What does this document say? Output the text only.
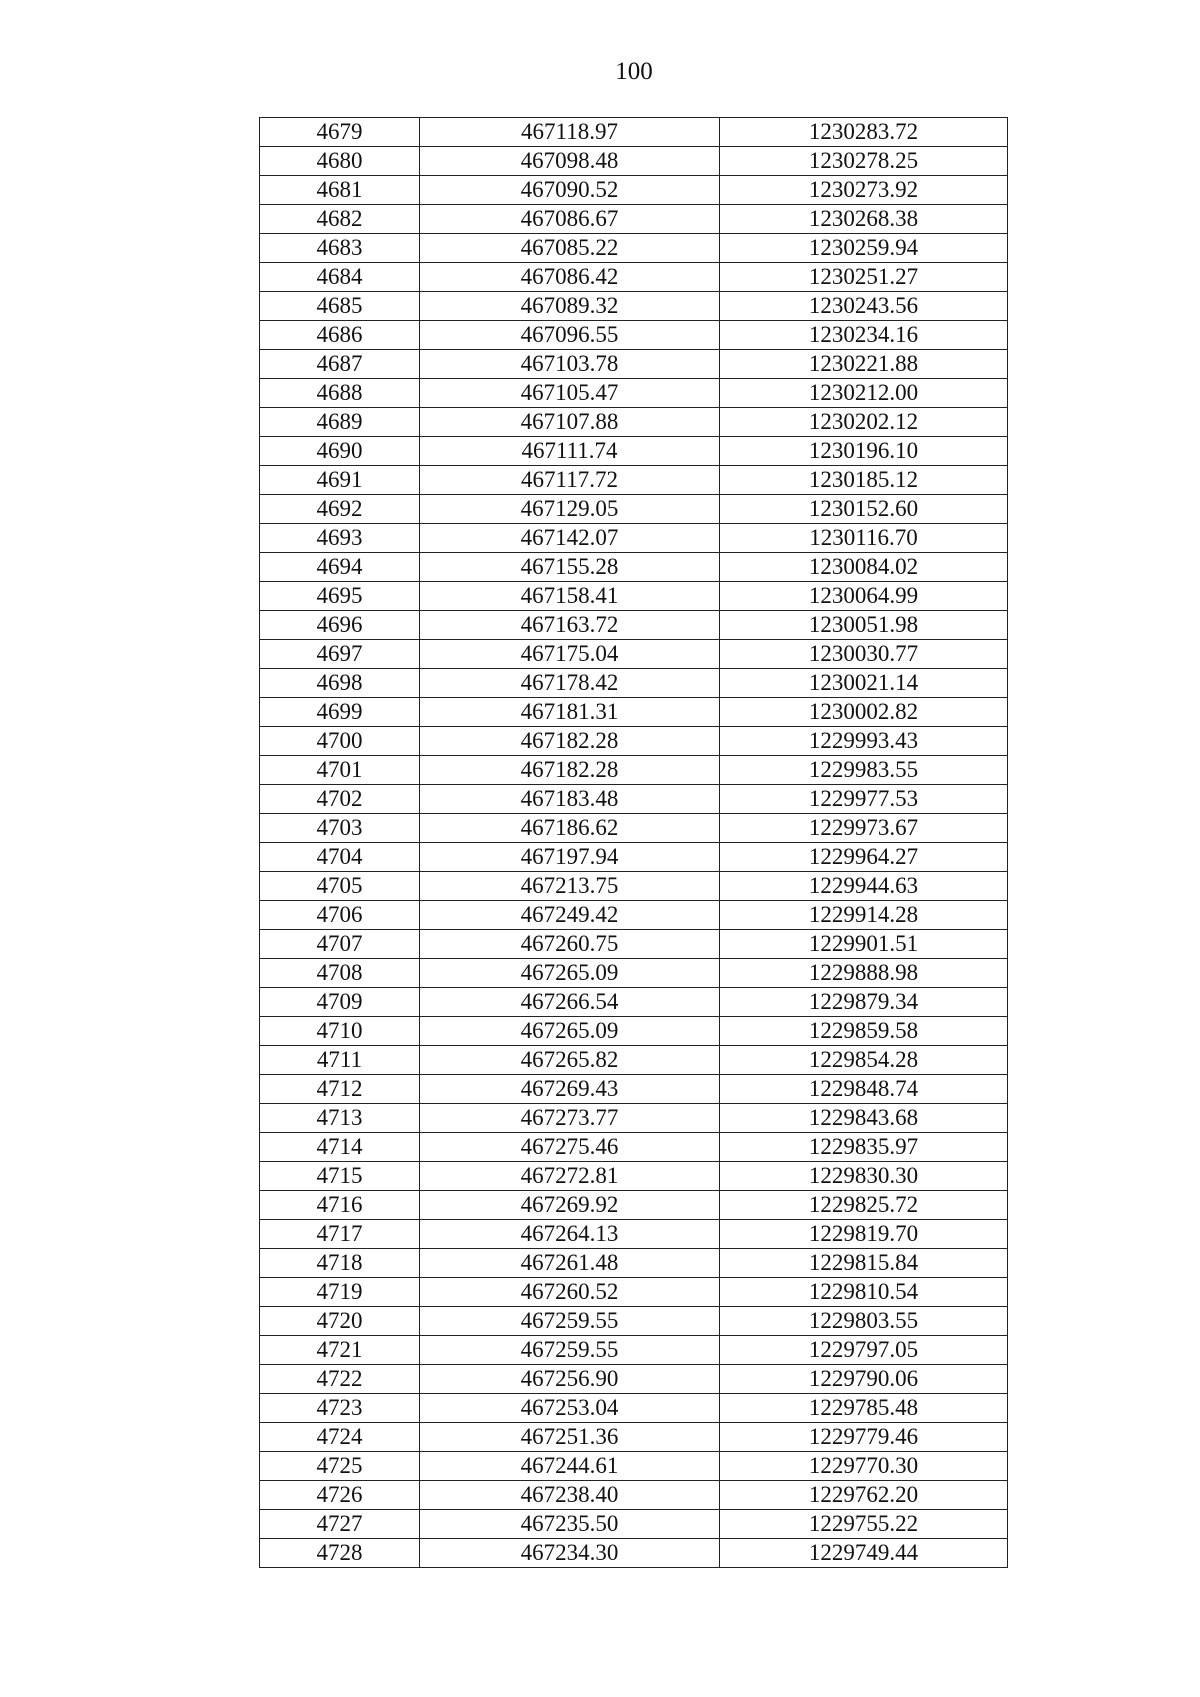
100
4679	467118.97	1230283.72
4680	467098.48	1230278.25
4681	467090.52	1230273.92
4682	467086.67	1230268.38
4683	467085.22	1230259.94
4684	467086.42	1230251.27
4685	467089.32	1230243.56
4686	467096.55	1230234.16
4687	467103.78	1230221.88
4688	467105.47	1230212.00
4689	467107.88	1230202.12
4690	467111.74	1230196.10
4691	467117.72	1230185.12
4692	467129.05	1230152.60
4693	467142.07	1230116.70
4694	467155.28	1230084.02
4695	467158.41	1230064.99
4696	467163.72	1230051.98
4697	467175.04	1230030.77
4698	467178.42	1230021.14
4699	467181.31	1230002.82
4700	467182.28	1229993.43
4701	467182.28	1229983.55
4702	467183.48	1229977.53
4703	467186.62	1229973.67
4704	467197.94	1229964.27
4705	467213.75	1229944.63
4706	467249.42	1229914.28
4707	467260.75	1229901.51
4708	467265.09	1229888.98
4709	467266.54	1229879.34
4710	467265.09	1229859.58
4711	467265.82	1229854.28
4712	467269.43	1229848.74
4713	467273.77	1229843.68
4714	467275.46	1229835.97
4715	467272.81	1229830.30
4716	467269.92	1229825.72
4717	467264.13	1229819.70
4718	467261.48	1229815.84
4719	467260.52	1229810.54
4720	467259.55	1229803.55
4721	467259.55	1229797.05
4722	467256.90	1229790.06
4723	467253.04	1229785.48
4724	467251.36	1229779.46
4725	467244.61	1229770.30
4726	467238.40	1229762.20
4727	467235.50	1229755.22
4728	467234.30	1229749.44
